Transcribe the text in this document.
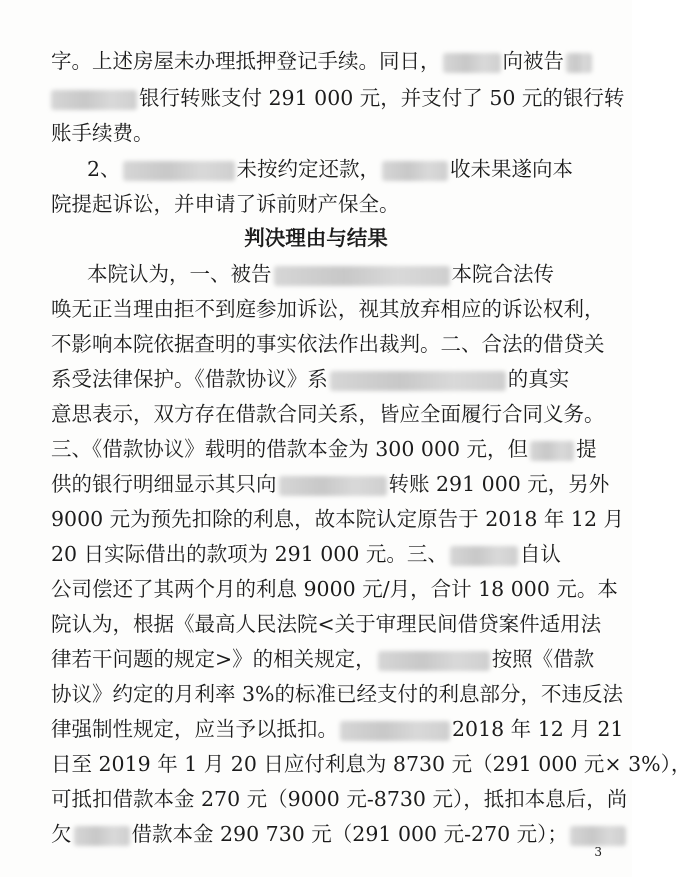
字。上述房屋未办理抵押登记手续。同日，	向被告
银行转账支付 291 000 元，并支付了 50 元的银行转
账手续费。
2、	未按约定还款，	收未果遂向本
院提起诉讼，并申请了诉前财产保全。
判决理由与结果
本院认为，一、被告	本院合法传
唤无正当理由拒不到庭参加诉讼，视其放弃相应的诉讼权利，
不影响本院依据查明的事实依法作出裁判。二、合法的借贷关
系受法律保护。《借款协议》系	的真实
意思表示，双方存在借款合同关系，皆应全面履行合同义务。
三、《借款协议》载明的借款本金为 300 000 元，但 提
供的银行明细显示其只向	转账 291 000 元，另外
9000 元为预先扣除的利息，故本院认定原告于 2018 年 12 月
20 日实际借出的款项为 291 000 元。三、	自认
公司偿还了其两个月的利息 9000 元/月，合计 18 000 元。本
院认为，根据《最高人民法院<关于审理民间借贷案件适用法
律若干问题的规定>》的相关规定，	按照《借款
协议》约定的月利率 3%的标准已经支付的利息部分，不违反法
律强制性规定，应当予以抵扣。	2018 年 12 月 21
日至 2019 年 1 月 20 日应付利息为 8730 元（291 000 元× 3%），
可抵扣借款本金 270 元（9000 元-8730 元），抵扣本息后，尚
欠	借款本金 290 730 元（291 000 元-270 元）；
3
